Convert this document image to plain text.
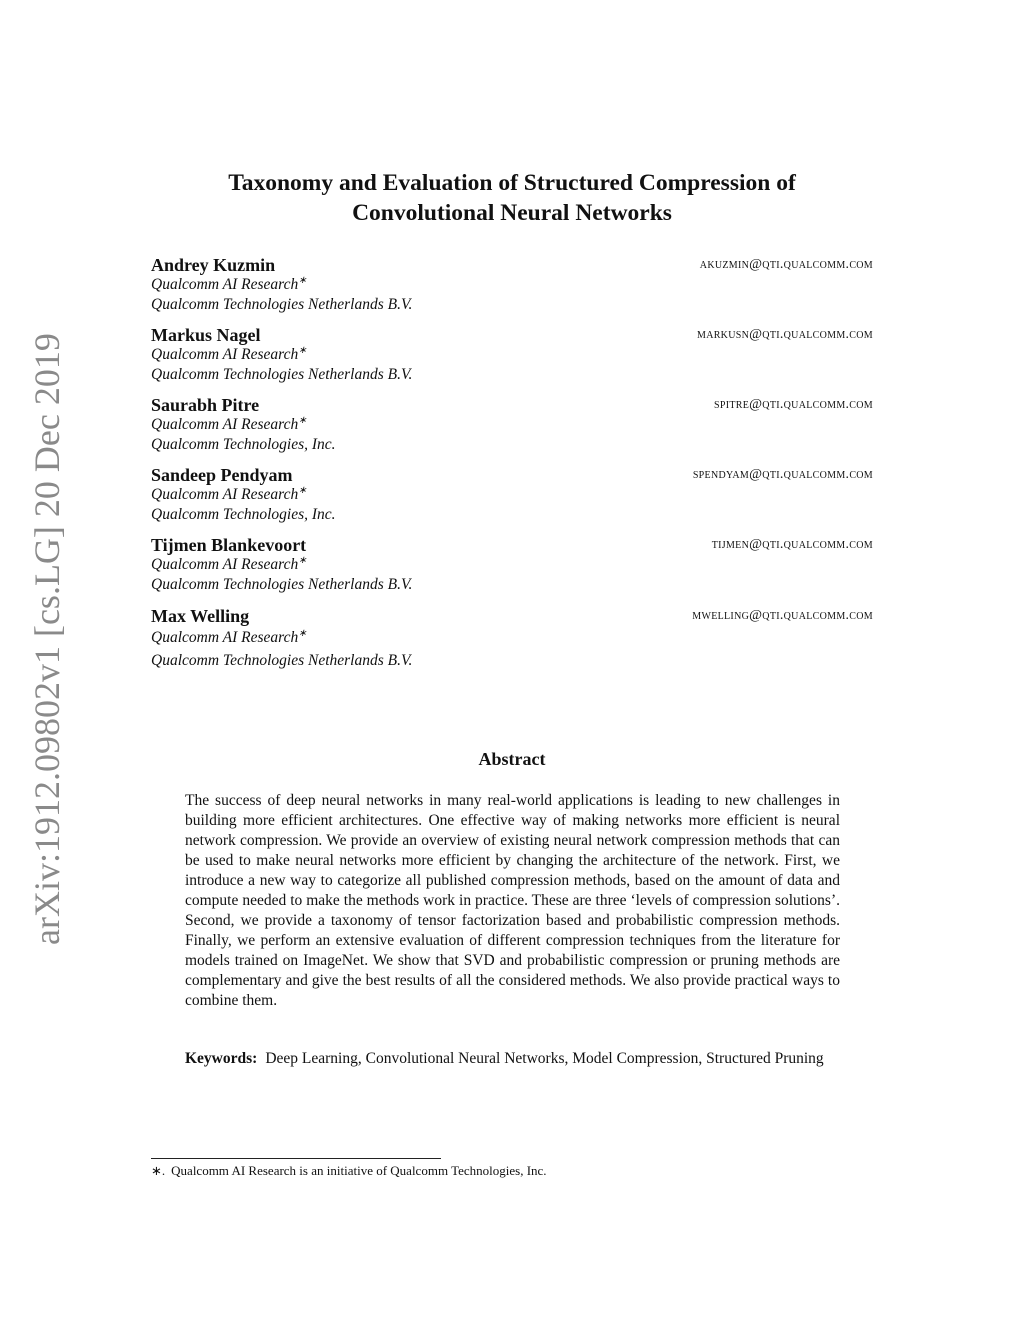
arXiv:1912.09802v1 [cs.LG] 20 Dec 2019
Taxonomy and Evaluation of Structured Compression of
Convolutional Neural Networks
Andrey Kuzmin	akuzmin@qti.qualcomm.com
Qualcomm AI Research∗
Qualcomm Technologies Netherlands B.V.
Markus Nagel	markusn@qti.qualcomm.com
Qualcomm AI Research∗
Qualcomm Technologies Netherlands B.V.
Saurabh Pitre	spitre@qti.qualcomm.com
Qualcomm AI Research∗
Qualcomm Technologies, Inc.
Sandeep Pendyam	spendyam@qti.qualcomm.com
Qualcomm AI Research∗
Qualcomm Technologies, Inc.
Tijmen Blankevoort	tijmen@qti.qualcomm.com
Qualcomm AI Research∗
Qualcomm Technologies Netherlands B.V.
Max Welling	mwelling@qti.qualcomm.com
Qualcomm AI Research∗
Qualcomm Technologies Netherlands B.V.
Abstract
The success of deep neural networks in many real-world applications is leading to new challenges in building more efficient architectures. One effective way of making networks more efficient is neural network compression. We provide an overview of existing neural network compression methods that can be used to make neural networks more efficient by changing the architecture of the network. First, we introduce a new way to categorize all published compression methods, based on the amount of data and compute needed to make the methods work in practice. These are three ‘levels of compression solutions’. Second, we provide a taxonomy of tensor factorization based and probabilistic compression methods. Finally, we perform an extensive evaluation of different compression techniques from the literature for models trained on ImageNet. We show that SVD and probabilistic compression or pruning methods are complementary and give the best results of all the considered methods. We also provide practical ways to combine them.
Keywords: Deep Learning, Convolutional Neural Networks, Model Compression, Structured Pruning
∗. Qualcomm AI Research is an initiative of Qualcomm Technologies, Inc.
